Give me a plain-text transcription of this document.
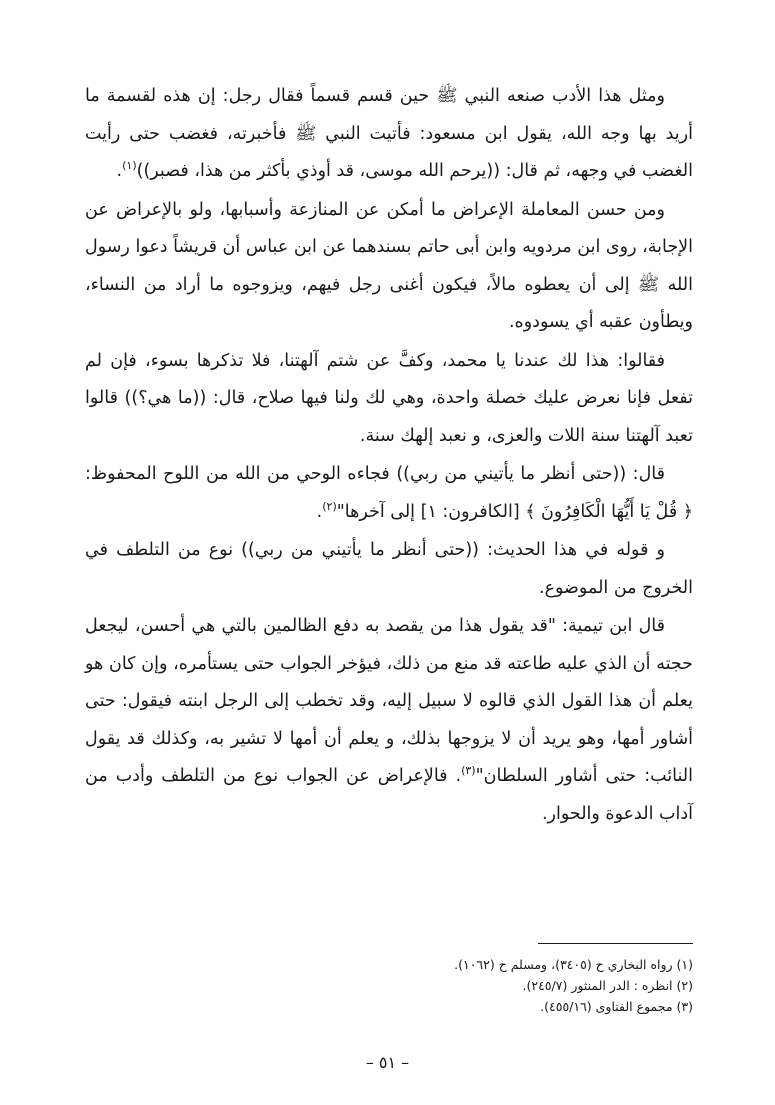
ومثل هذا الأدب صنعه النبي ﷺ حين قسم قسماً فقال رجل: إن هذه لقسمة ما أريد بها وجه الله، يقول ابن مسعود: فأتيت النبي ﷺ فأخبرته، فغضب حتى رأيت الغضب في وجهه، ثم قال: ((يرحم الله موسى، قد أوذي بأكثر من هذا، فصبر))$^{(١)}$.

ومن حسن المعاملة الإعراض ما أمكن عن المنازعة وأسبابها، ولو بالإعراض عن الإجابة، روى ابن مردويه وابن أبى حاتم بسندهما عن ابن عباس أن قريشاً دعوا رسول الله ﷺ إلى أن يعطوه مالاً، فيكون أغنى رجل فيهم، ويزوجوه ما أراد من النساء، ويطأون عقبه أي يسودوه.

فقالوا: هذا لك عندنا يا محمد، وكفَّ عن شتم آلهتنا، فلا تذكرها بسوء، فإن لم تفعل فإنا نعرض عليك خصلة واحدة، وهي لك ولنا فيها صلاح، قال: ((ما هي؟)) قالوا تعبد آلهتنا سنة اللات والعزى، و نعبد إلهك سنة.

قال: ((حتى أنظر ما يأتيني من ربي)) فجاءه الوحي من الله من اللوح المحفوظ: ﴿ قُلْ يَا أَيُّهَا الْكَافِرُونَ ﴾ [الكافرون: ١] إلى آخرها"$^{(٢)}$.

و قوله في هذا الحديث: ((حتى أنظر ما يأتيني من ربي)) نوع من التلطف في الخروج من الموضوع.

قال ابن تيمية: "قد يقول هذا من يقصد به دفع الظالمين بالتي هي أحسن، ليجعل حجته أن الذي عليه طاعته قد منع من ذلك، فيؤخر الجواب حتى يستأمره، وإن كان هو يعلم أن هذا القول الذي قالوه لا سبيل إليه، وقد تخطب إلى الرجل ابنته فيقول: حتى أشاور أمها، وهو يريد أن لا يزوجها بذلك، و يعلم أن أمها لا تشير به، وكذلك قد يقول النائب: حتى أشاور السلطان"$^{(٣)}$. فالإعراض عن الجواب نوع من التلطف وأدب من آداب الدعوة والحوار.

(١) رواه البخاري ح (٣٤٠٥)، ومسلم ح (١٠٦٢).

(٢) انظره : الدر المنثور (٢٤٥/٧).

(٣) مجموع الفتاوى (٤٥٥/١٦).

– ٥١ –
